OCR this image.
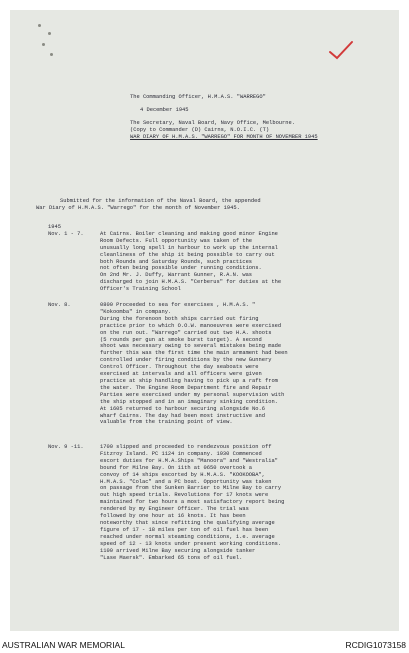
The Commanding Officer, H.M.A.S. "WARREGO"
4 December 1945
The Secretary, Naval Board, Navy Office, Melbourne.
(Copy to Commander (D) Cairns, N.O.I.C. (T)
WAR DIARY OF H.M.A.S. "WARREGO" FOR MONTH OF NOVEMBER 1945
Submitted for the information of the Naval Board, the appended
War Diary of H.M.A.S. "Warrego" for the month of November 1945.
1945
Nov. 1 - 7.	At Cairns. Boiler cleaning and making good minor Engine
Room Defects. Full opportunity was taken of the
unusually long spell in harbour to work up the internal
cleanliness of the ship it being possible to carry out
both Rounds and Saturday Rounds, such practices
not often being possible under running conditions.
On 2nd Mr. J. Duffy, Warrant Gunner, R.A.N. was
discharged to join H.M.A.S. "Cerberus" for duties at the
Officer's Training School
Nov. 8.	0800 Proceeded to sea for exercises , H.M.A.S. "
"Kokoomba" in company.
During the forenoon both ships carried out firing
practice prior to which O.O.W. manoeuvres were exercised
on the run out. "Warrego" carried out two H.A. shoots
(5 rounds per gun at smoke burst target). A second
shoot was necessary owing to several mistakes being made
further this was the first time the main armament had been
controlled under firing conditions by the new Gunnery
Control Officer. Throughout the day seaboats were
exercised at intervals and all officers were given
practice at ship handling having to pick up a raft from
the water. The Engine Room Department fire and Repair
Parties were exercised under my personal supervision with
the ship stopped and in an imaginary sinking condition.
At 1605 returned to harbour securing alongside No.6
wharf Cairns. The day had been most instructive and
valuable from the training point of view.
Nov. 9 -11.	1700 slipped and proceeded to rendezvous position off
Fitzroy Island. PC 1124 in company. 1930 Commenced
escort duties for H.M.A.Ships "Manoora" and "Westralia"
bound for Milne Bay. On 11th at 0650 overtook a
convoy of 14 ships escorted by H.M.A.S. "KOOKOOBA",
H.M.A.S. "Colac" and a PC boat. Opportunity was taken
on passage from the Sunken Barrier to Milne Bay to carry
out high speed trials. Revolutions for 17 knots were
maintained for two hours a most satisfactory report being
rendered by my Engineer Officer. The trial was
followed by one hour at 16 knots. It has been
noteworthy that since refitting the qualifying average
figure of 17 - 18 miles per ton of oil fuel has been
reached under normal steaming conditions, i.e. average
speed of 12 - 13 knots under present working conditions.
1100 arrived Milne Bay securing alongside tanker
"Lase Maersk". Embarked 65 tons of oil fuel.
AUSTRALIAN WAR MEMORIAL	RCDIG1073158
